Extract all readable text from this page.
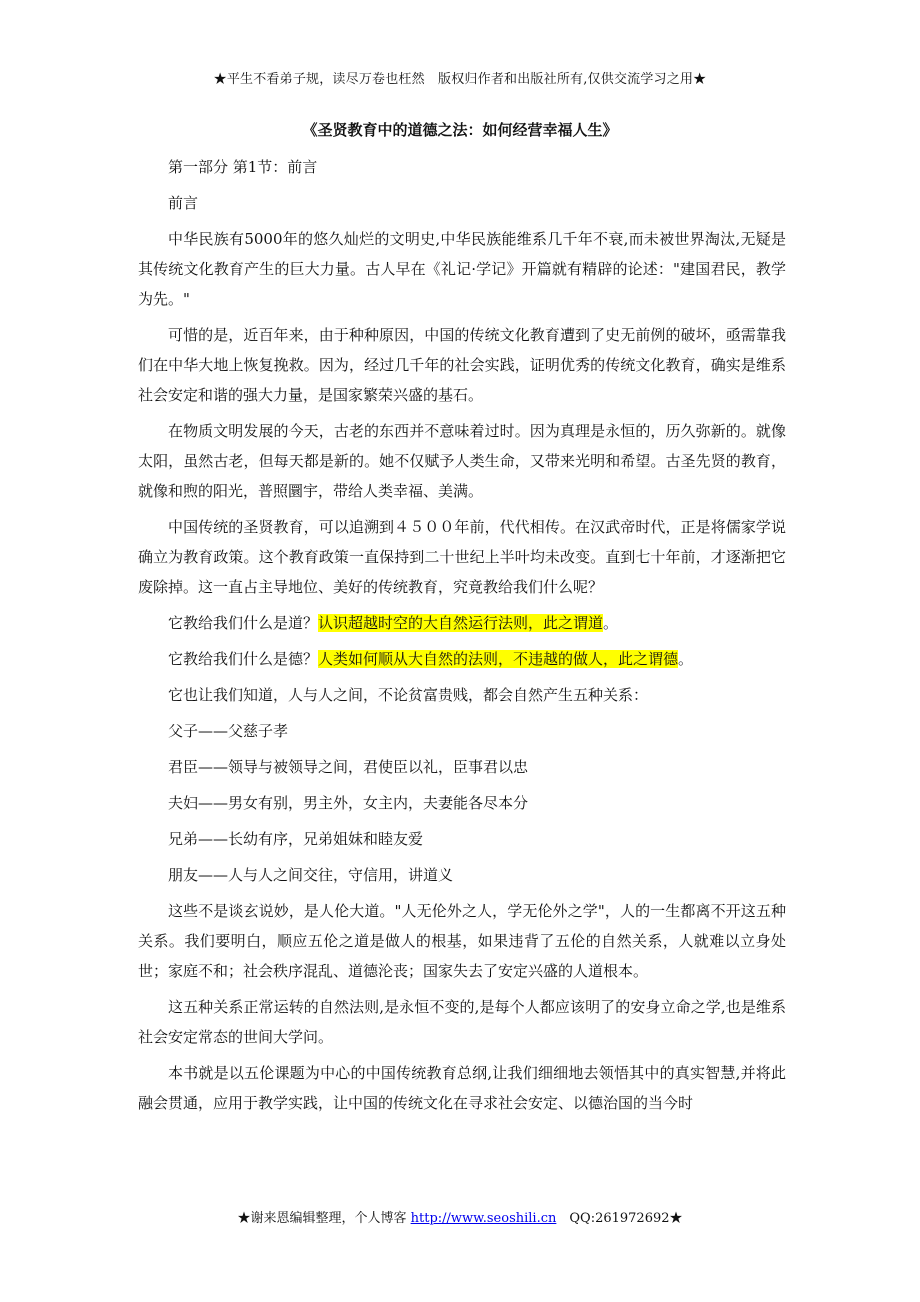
★平生不看弟子规，读尽万卷也枉然　版权归作者和出版社所有,仅供交流学习之用★
《圣贤教育中的道德之法：如何经营幸福人生》

第一部分 第1节：前言

前言

中华民族有5000年的悠久灿烂的文明史,中华民族能维系几千年不衰,而未被世界淘汰,无疑是其传统文化教育产生的巨大力量。古人早在《礼记·学记》开篇就有精辟的论述："建国君民，教学为先。"

可惜的是，近百年来，由于种种原因，中国的传统文化教育遭到了史无前例的破坏，亟需靠我们在中华大地上恢复挽救。因为，经过几千年的社会实践，证明优秀的传统文化教育，确实是维系社会安定和谐的强大力量，是国家繁荣兴盛的基石。

在物质文明发展的今天，古老的东西并不意味着过时。因为真理是永恒的，历久弥新的。就像太阳，虽然古老，但每天都是新的。她不仅赋予人类生命，又带来光明和希望。古圣先贤的教育，就像和煦的阳光，普照圜宇，带给人类幸福、美满。

中国传统的圣贤教育，可以追溯到４５００年前，代代相传。在汉武帝时代，正是将儒家学说确立为教育政策。这个教育政策一直保持到二十世纪上半叶均未改变。直到七十年前，才逐渐把它废除掉。这一直占主导地位、美好的传统教育，究竟教给我们什么呢？

它教给我们什么是道？认识超越时空的大自然运行法则，此之谓道。

它教给我们什么是德？人类如何顺从大自然的法则，不违越的做人，此之谓德。

它也让我们知道，人与人之间，不论贫富贵贱，都会自然产生五种关系：

父子——父慈子孝

君臣——领导与被领导之间，君使臣以礼，臣事君以忠

夫妇——男女有别，男主外，女主内，夫妻能各尽本分

兄弟——长幼有序，兄弟姐妹和睦友爱

朋友——人与人之间交往，守信用，讲道义

这些不是谈玄说妙，是人伦大道。"人无伦外之人，学无伦外之学"，人的一生都离不开这五种关系。我们要明白，顺应五伦之道是做人的根基，如果违背了五伦的自然关系，人就难以立身处世；家庭不和；社会秩序混乱、道德沦丧；国家失去了安定兴盛的人道根本。

这五种关系正常运转的自然法则,是永恒不变的,是每个人都应该明了的安身立命之学,也是维系社会安定常态的世间大学问。

本书就是以五伦课题为中心的中国传统教育总纲,让我们细细地去领悟其中的真实智慧,并将此融会贯通，应用于教学实践，让中国的传统文化在寻求社会安定、以德治国的当今时

★谢来恩编辑整理，个人博客 http://www.seoshili.cn　QQ:261972692★
